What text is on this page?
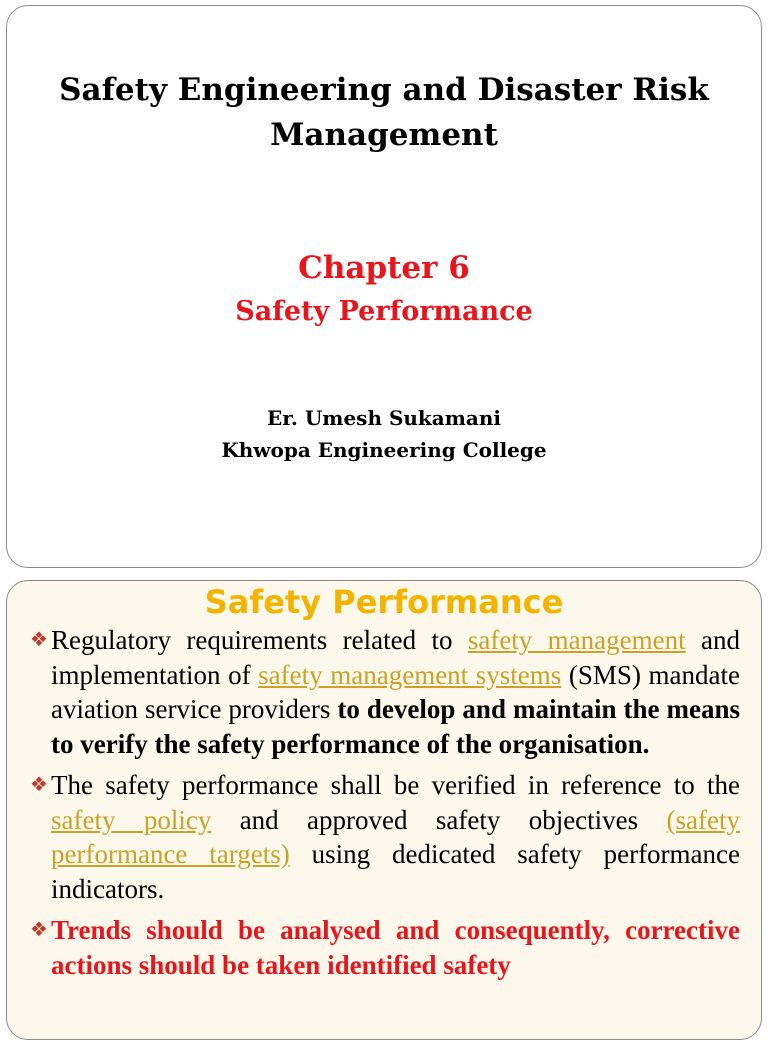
Safety Engineering and Disaster Risk
Management
Chapter 6
Safety Performance
Er. Umesh Sukamani
Khwopa Engineering College
Safety Performance
❖ Regulatory requirements related to safety management and implementation of safety management systems (SMS) mandate aviation service providers to develop and maintain the means to verify the safety performance of the organisation.
❖ The safety performance shall be verified in reference to the safety policy and approved safety objectives (safety performance targets) using dedicated safety performance indicators.
❖ Trends should be analysed and consequently, corrective actions should be taken identified safety
